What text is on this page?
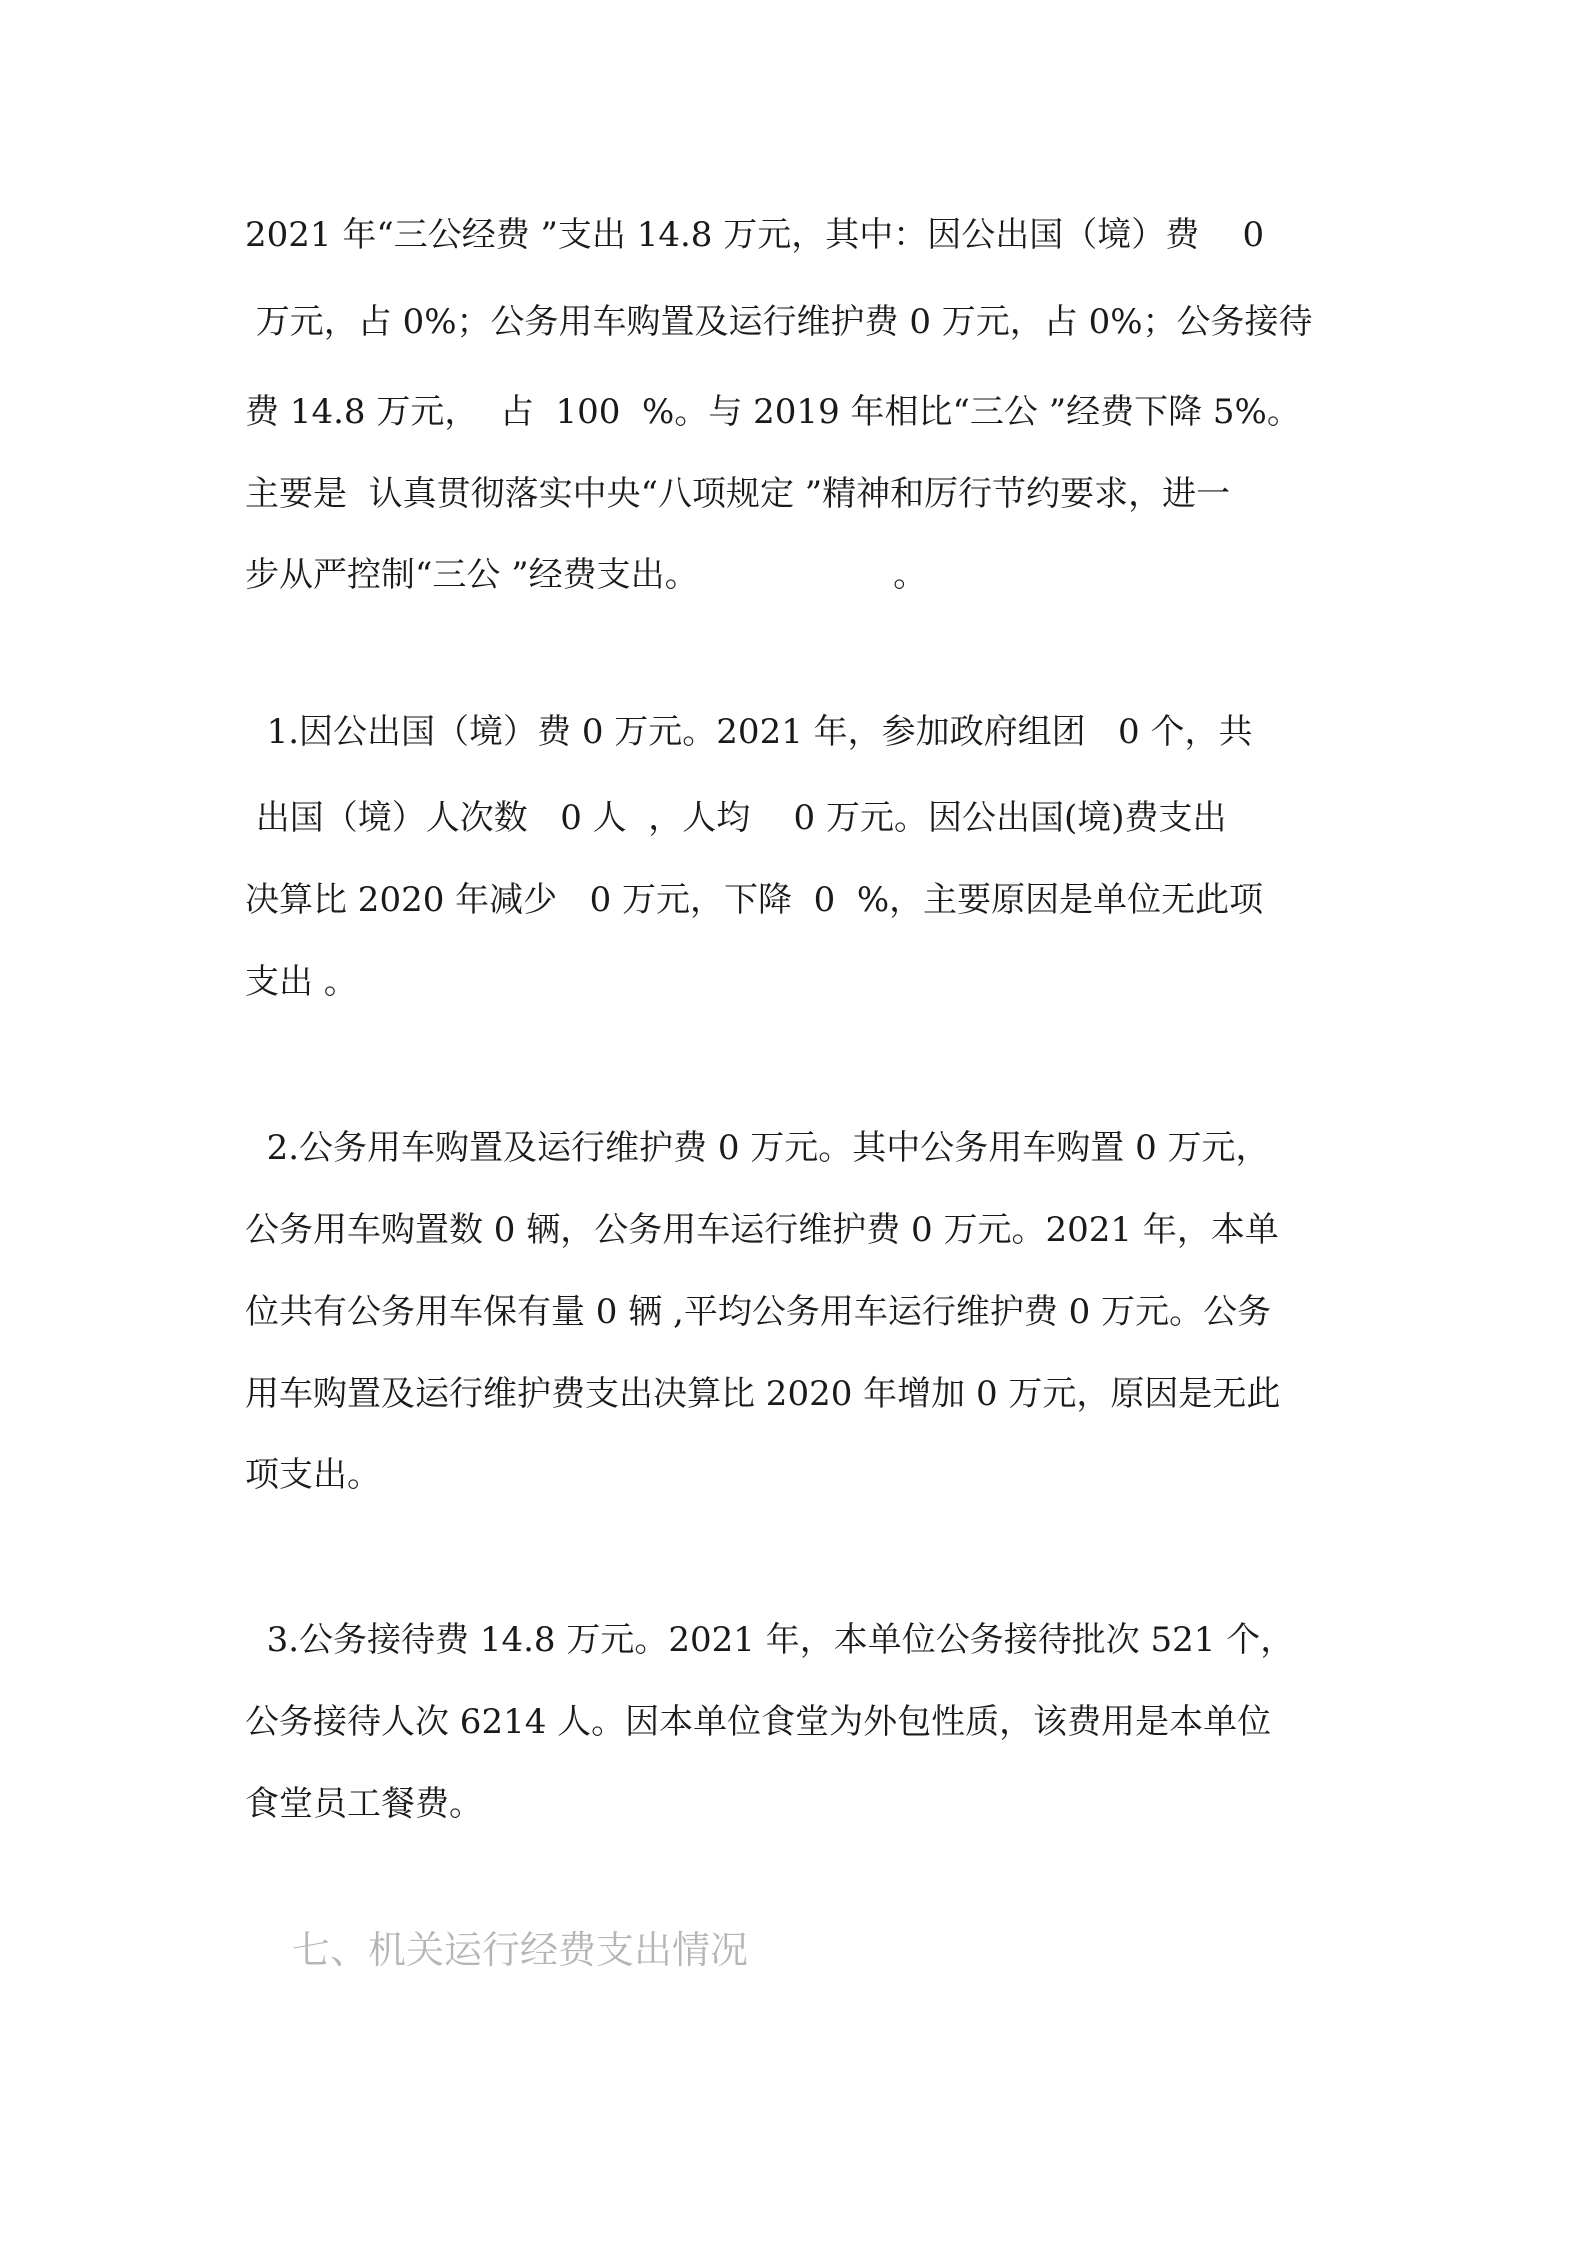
2021 年“三公经费 ”支出 14.8 万元，其中：因公出国（境）费    0
万元，占 0%；公务用车购置及运行维护费 0 万元，占 0%；公务接待
费 14.8 万元，  占  100  %。与 2019 年相比“三公 ”经费下降 5%。
主要是  认真贯彻落实中央“八项规定 ”精神和厉行节约要求，进一
步从严控制“三公 ”经费支出。                  。
1.因公出国（境）费 0 万元。2021 年，参加政府组团   0 个，共
出国（境）人次数   0 人  ，人均    0 万元。因公出国(境)费支出
决算比 2020 年减少   0 万元，下降  0  %，主要原因是单位无此项
支出 。
2.公务用车购置及运行维护费 0 万元。其中公务用车购置 0 万元，
公务用车购置数 0 辆，公务用车运行维护费 0 万元。2021 年，本单
位共有公务用车保有量 0 辆 ,平均公务用车运行维护费 0 万元。公务
用车购置及运行维护费支出决算比 2020 年增加 0 万元，原因是无此
项支出。
3.公务接待费 14.8 万元。2021 年，本单位公务接待批次 521 个，
公务接待人次 6214 人。因本单位食堂为外包性质，该费用是本单位
食堂员工餐费。
七、机关运行经费支出情况
